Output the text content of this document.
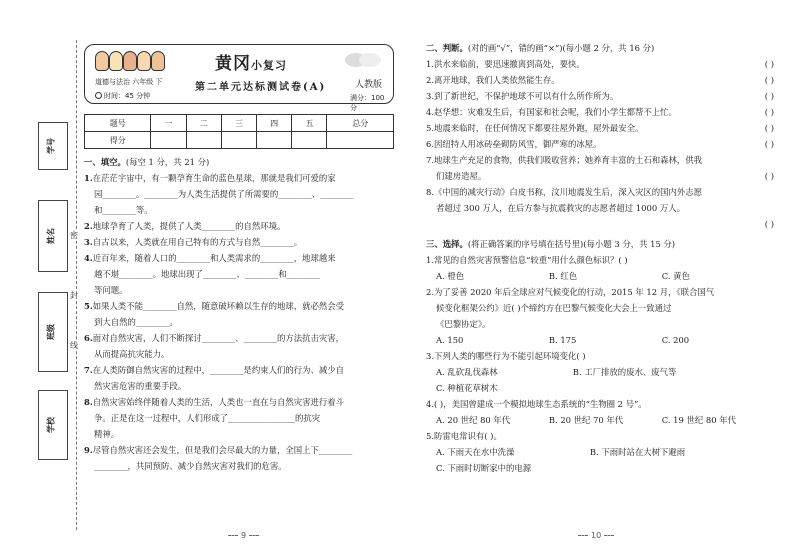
学号
姓名
班级
学校
密
封
线
黄冈小复习
道德与法治 六年级 下	第二单元达标测试卷(A)	人教版
时间：45 分钟	满分：100 分
题号	一	二	三	四	五	总分
得分						
一、填空。(每空 1 分，共 21 分)
1.在茫茫宇宙中，有一颗孕育生命的蓝色星球，那就是我们可爱的家
园________。________为人类生活提供了所需要的________、________
和________等。
2.地球孕育了人类，提供了人类________的自然环境。
3.自古以来，人类就在用自己特有的方式与自然________。
4.近百年来，随着人口的________和人类需求的________，地球越来
越不堪________。地球出现了________、________和________
等问题。
5.如果人类不能________自然，随意破坏赖以生存的地球，就必然会受
到大自然的________。
6.面对自然灾害，人们不断探讨________、________的方法抗击灾害，
从而提高抗灾能力。
7.在人类防御自然灾害的过程中，________是约束人们的行为、减少自
然灾害危害的重要手段。
8.自然灾害始终伴随着人类的生活，人类也一直在与自然灾害进行着斗
争。正是在这一过程中，人们形成了________________的抗灾
精神。
9.尽管自然灾害还会发生，但是我们会尽最大的力量，全国上下________
________，共同预防、减少自然灾害对我们的危害。
二、判断。(对的画“√”，错的画“×”)(每小题 2 分，共 16 分)
1.洪水来临前，要迅速撤离到高处，要快。	( )
2.离开地球，我们人类依然能生存。	( )
3.到了新世纪，不保护地球不可以有什么所作所为。	( )
4.赵华想：灾难发生后，有国家和社会呢，我们小学生都帮不上忙。	( )
5.地震来临时，在任何情况下都要往屋外跑，屋外最安全。	( )
6.因纽特人用冰砖垒砌防风雪，御严寒的冰屋。	( )
7.地球生产充足的食物，供我们吸收营养；她养育丰富的土石和森林，供我
们建房造屋。	( )
8.《中国的减灾行动》白皮书称，汶川地震发生后，深入灾区的国内外志愿
者超过 300 万人，在后方参与抗震救灾的志愿者超过 1000 万人。

( )
三、选择。(将正确答案的序号填在括号里)(每小题 3 分，共 15 分)
1.常见的自然灾害预警信息“较重”用什么颜色标识？( )
A. 橙色	B. 红色	C. 黄色
2.为了妥善 2020 年后全球应对气候变化的行动，2015 年 12 月，《联合国气
候变化框架公约》近( )个缔约方在巴黎气候变化大会上一致通过
《巴黎协定》。
A. 150	B. 175	C. 200
3.下列人类的哪些行为不能引起环境变化( )
A. 乱砍乱伐森林	B. 工厂排放的废水、废气等
C. 种植花草树木
4.( )，美国曾建成一个模拟地球生态系统的“生物圈 2 号”。
A. 20 世纪 80 年代	B. 20 世纪 70 年代	C. 19 世纪 80 年代
5.防雷电常识有( )。
A. 下雨天在水中洗澡	B. 下雨时站在大树下避雨
C. 下雨时切断家中的电源
9	10
